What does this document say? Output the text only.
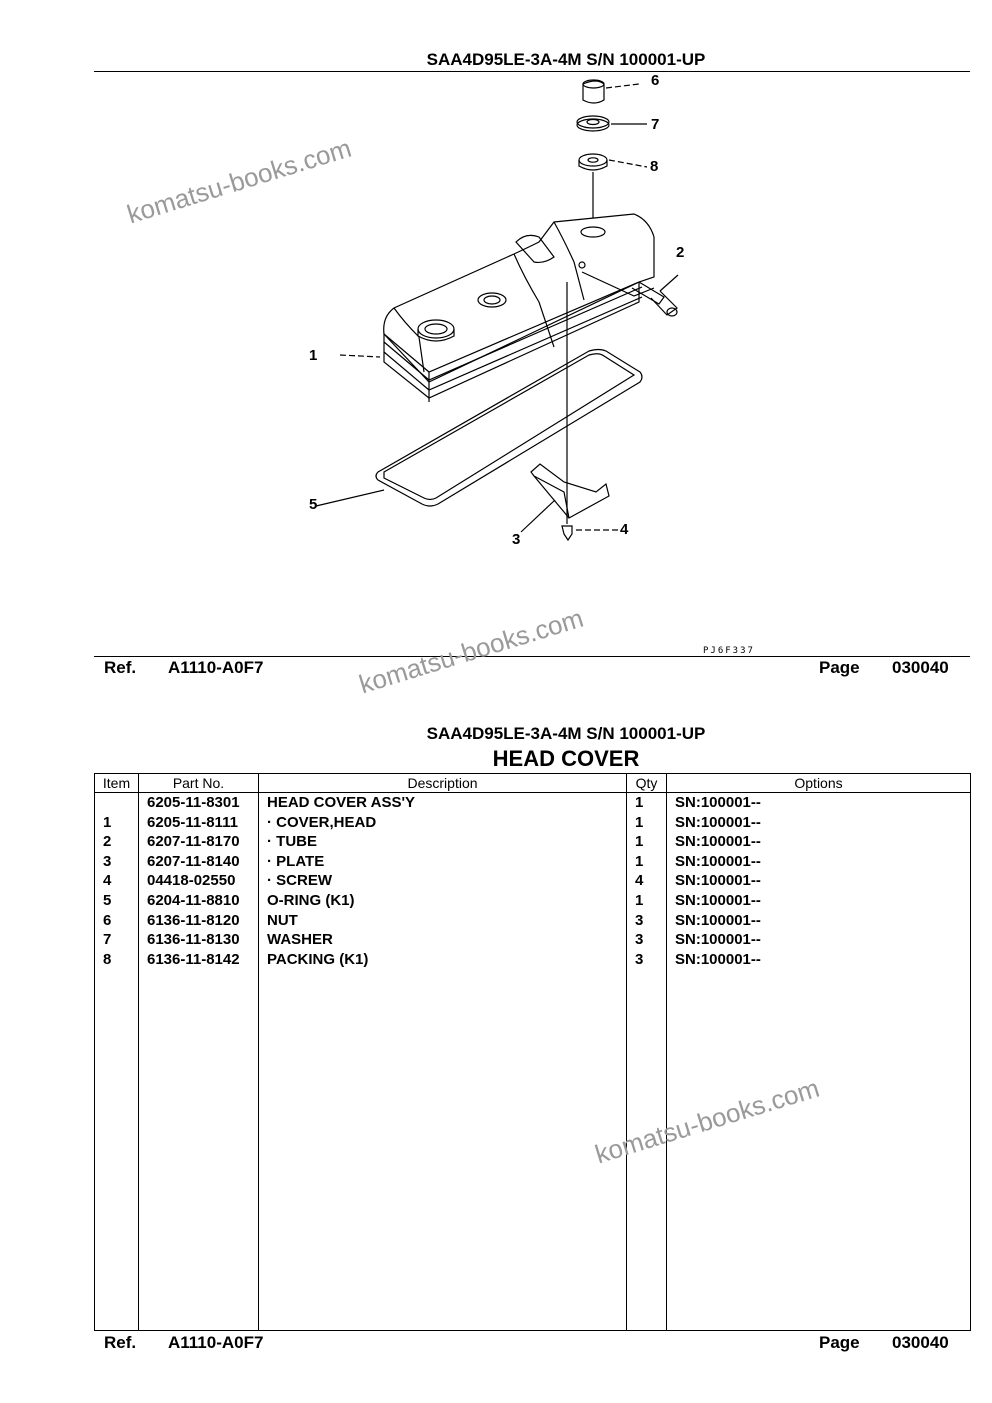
SAA4D95LE-3A-4M S/N 100001-UP
6
7
8
2
1
5
4
3
PJ6F337
Ref. A1110-A0F7	Page 030040
SAA4D95LE-3A-4M S/N 100001-UP
HEAD COVER
Item	Part No.	Description	Qty	Options
	6205-11-8301	HEAD COVER ASS'Y	1	SN:100001--
1	6205-11-8111	· COVER,HEAD	1	SN:100001--
2	6207-11-8170	· TUBE	1	SN:100001--
3	6207-11-8140	· PLATE	1	SN:100001--
4	04418-02550	· SCREW	4	SN:100001--
5	6204-11-8810	O-RING (K1)	1	SN:100001--
6	6136-11-8120	NUT	3	SN:100001--
7	6136-11-8130	WASHER	3	SN:100001--
8	6136-11-8142	PACKING (K1)	3	SN:100001--

Ref. A1110-A0F7	Page 030040
komatsu-books.com
komatsu-books.com
komatsu-books.com
